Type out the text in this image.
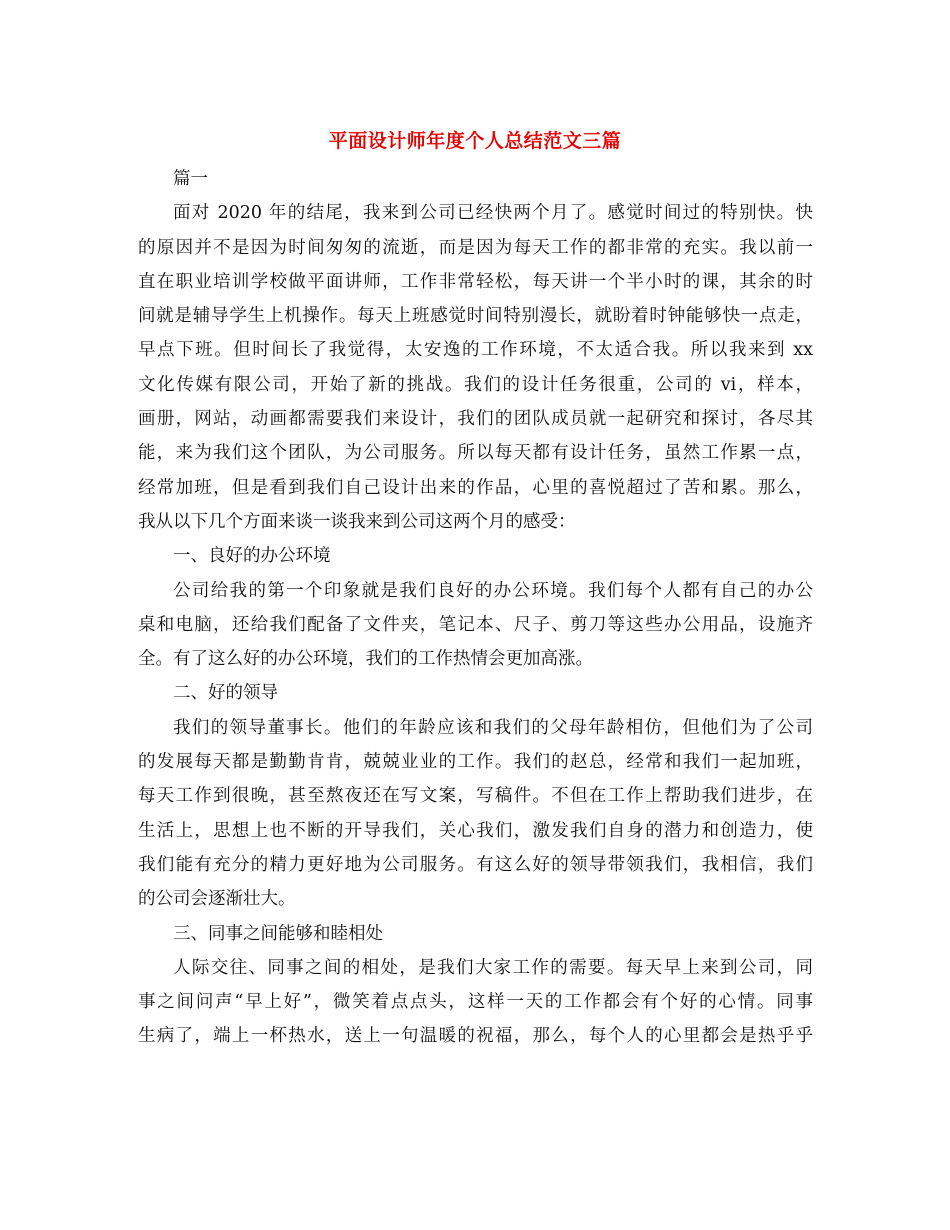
平面设计师年度个人总结范文三篇
篇一
面对 2020 年的结尾，我来到公司已经快两个月了。感觉时间过的特别快。快
的原因并不是因为时间匆匆的流逝，而是因为每天工作的都非常的充实。我以前一
直在职业培训学校做平面讲师，工作非常轻松，每天讲一个半小时的课，其余的时
间就是辅导学生上机操作。每天上班感觉时间特别漫长，就盼着时钟能够快一点走，
早点下班。但时间长了我觉得，太安逸的工作环境，不太适合我。所以我来到 xx
文化传媒有限公司，开始了新的挑战。我们的设计任务很重，公司的 vi，样本，
画册，网站，动画都需要我们来设计，我们的团队成员就一起研究和探讨，各尽其
能，来为我们这个团队，为公司服务。所以每天都有设计任务，虽然工作累一点，
经常加班，但是看到我们自己设计出来的作品，心里的喜悦超过了苦和累。那么，
我从以下几个方面来谈一谈我来到公司这两个月的感受：
一、良好的办公环境
公司给我的第一个印象就是我们良好的办公环境。我们每个人都有自己的办公
桌和电脑，还给我们配备了文件夹，笔记本、尺子、剪刀等这些办公用品，设施齐
全。有了这么好的办公环境，我们的工作热情会更加高涨。
二、好的领导
我们的领导董事长。他们的年龄应该和我们的父母年龄相仿，但他们为了公司
的发展每天都是勤勤肯肯，兢兢业业的工作。我们的赵总，经常和我们一起加班，
每天工作到很晚，甚至熬夜还在写文案，写稿件。不但在工作上帮助我们进步，在
生活上，思想上也不断的开导我们，关心我们，激发我们自身的潜力和创造力，使
我们能有充分的精力更好地为公司服务。有这么好的领导带领我们，我相信，我们
的公司会逐渐壮大。
三、同事之间能够和睦相处
人际交往、同事之间的相处，是我们大家工作的需要。每天早上来到公司，同
事之间问声“早上好”，微笑着点点头，这样一天的工作都会有个好的心情。同事
生病了，端上一杯热水，送上一句温暖的祝福，那么，每个人的心里都会是热乎乎
